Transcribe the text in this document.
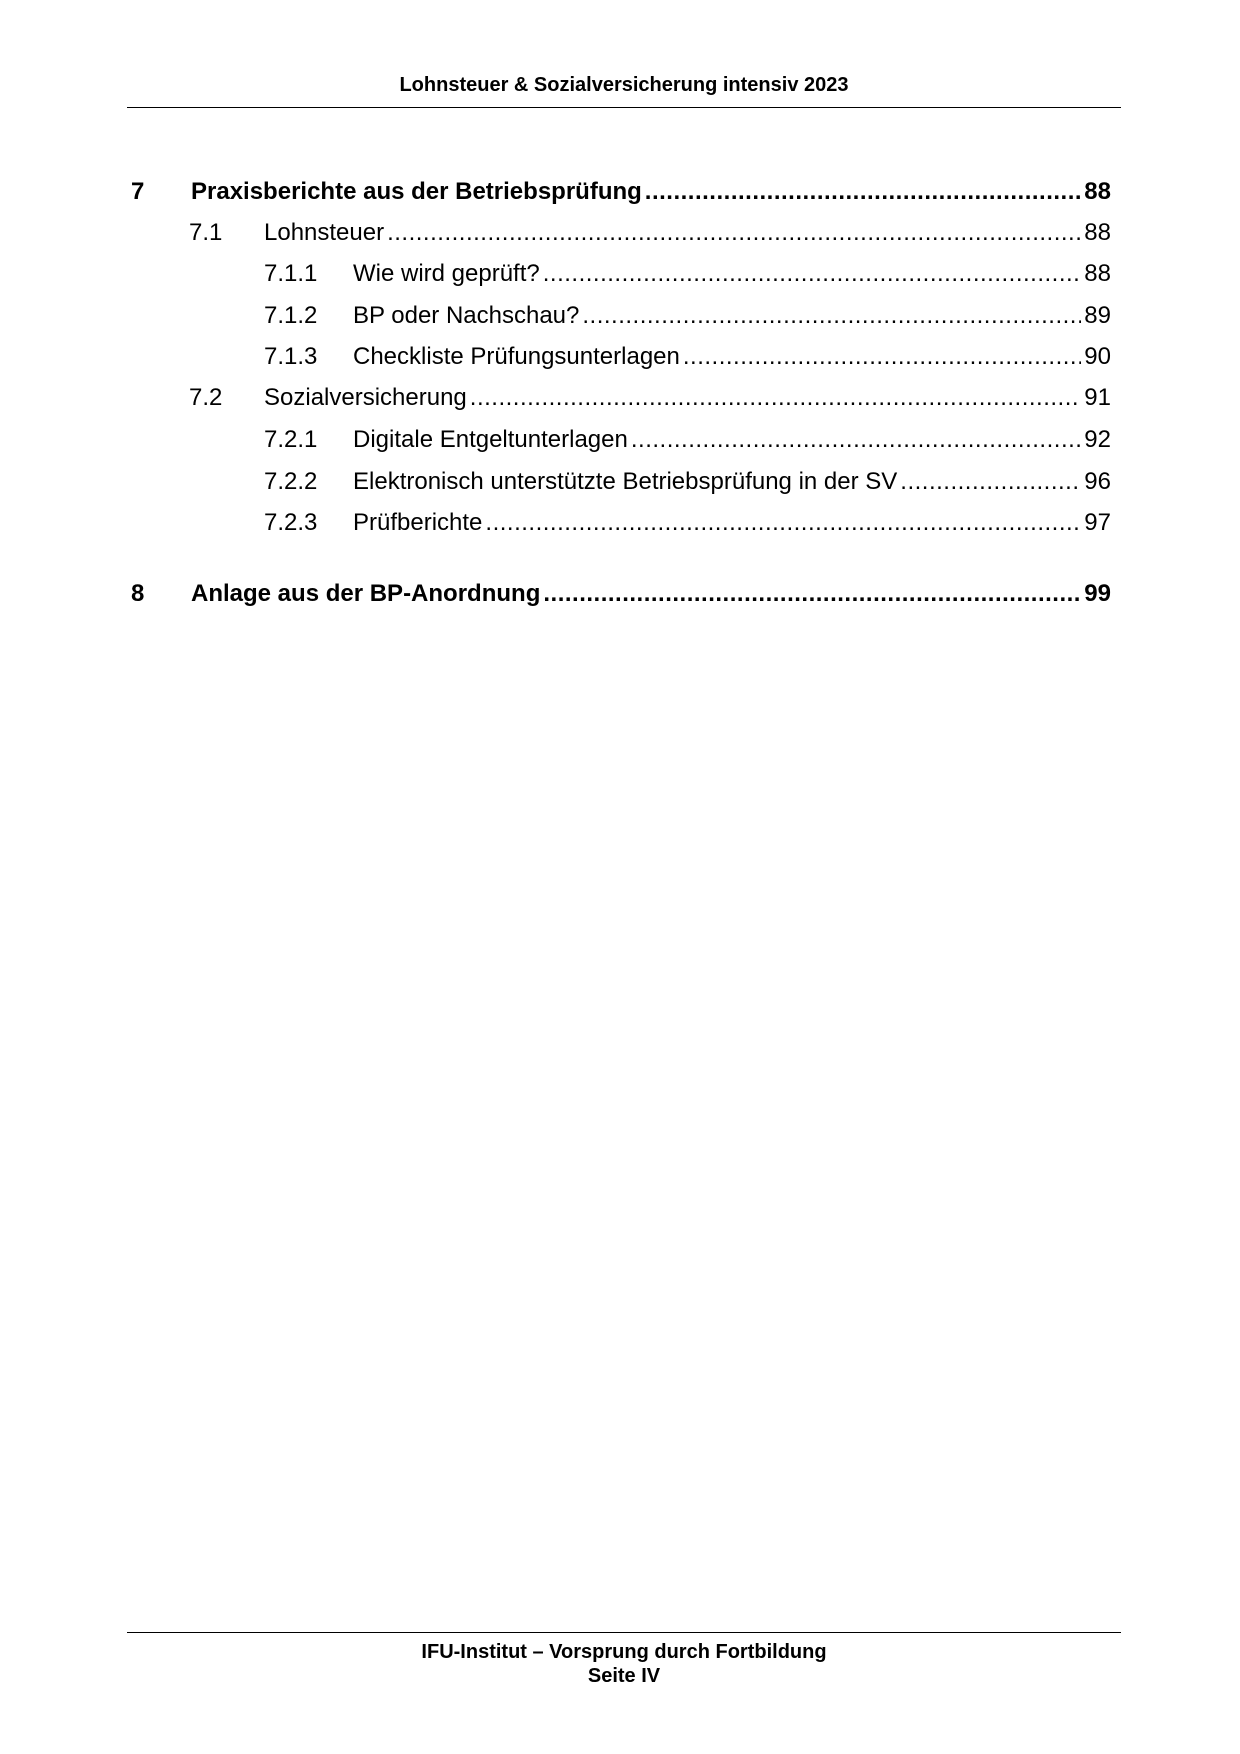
Lohnsteuer & Sozialversicherung intensiv 2023
7 Praxisberichte aus der Betriebsprüfung .....	88
7.1 Lohnsteuer .....	88
7.1.1 Wie wird geprüft? .....	88
7.1.2 BP oder Nachschau? .....	89
7.1.3 Checkliste Prüfungsunterlagen .....	90
7.2 Sozialversicherung .....	91
7.2.1 Digitale Entgeltunterlagen .....	92
7.2.2 Elektronisch unterstützte Betriebsprüfung in der SV .....	96
7.2.3 Prüfberichte .....	97
8 Anlage aus der BP-Anordnung .....	99
IFU-Institut – Vorsprung durch Fortbildung
Seite IV
